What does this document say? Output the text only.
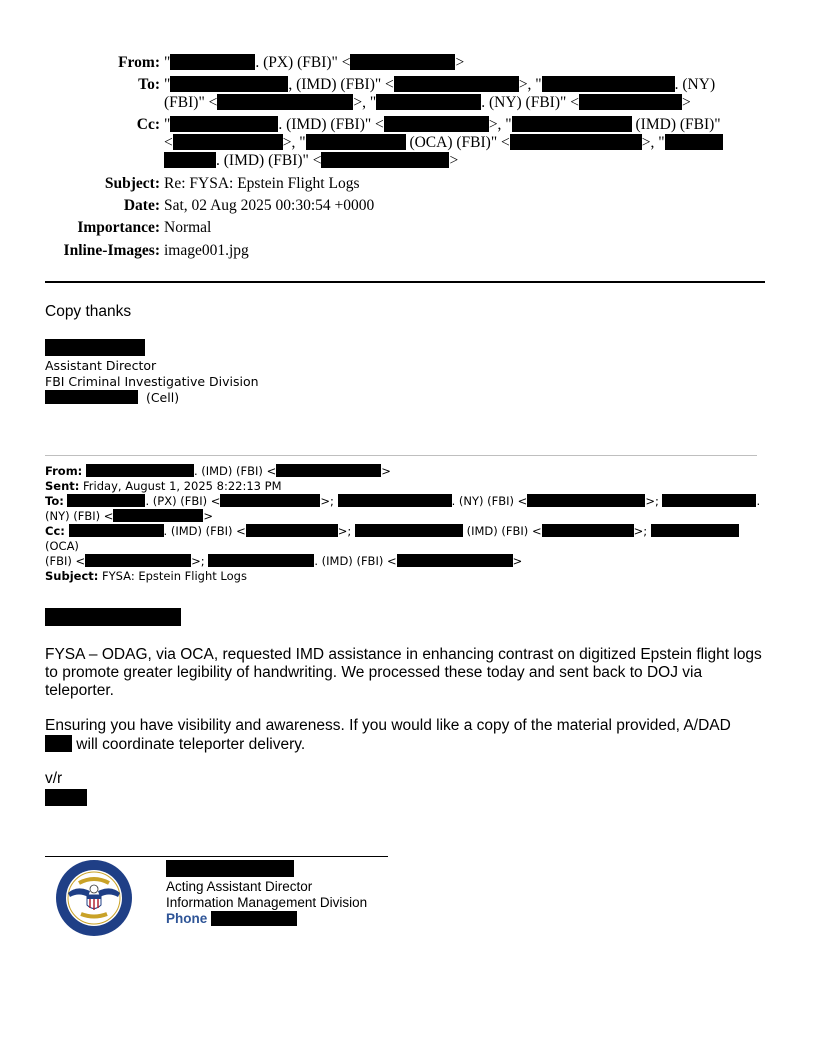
From: "	. (PX) (FBI)" <	>
To: "	, (IMD) (FBI)" <	>, "	. (NY)
(FBI)" <	>, "	. (NY) (FBI)" <	>
Cc: "	. (IMD) (FBI)" <	>, "	(IMD) (FBI)"
<	>, "	(OCA) (FBI)" <	>, "
. (IMD) (FBI)" <	>
Subject: Re: FYSA: Epstein Flight Logs
Date: Sat, 02 Aug 2025 00:30:54 +0000
Importance: Normal
Inline-Images: image001.jpg
Copy thanks
Assistant Director
FBI Criminal Investigative Division
(Cell)
From:	. (IMD) (FBI) <	>
Sent: Friday, August 1, 2025 8:22:13 PM
To:	. (PX) (FBI) <	>;	. (NY) (FBI) <	>;	.
(NY) (FBI) <	>
Cc:	. (IMD) (FBI) <	>;	(IMD) (FBI) <	>;  (OCA)
(FBI) <	>;	. (IMD) (FBI) <	>
Subject: FYSA: Epstein Flight Logs
FYSA – ODAG, via OCA, requested IMD assistance in enhancing contrast on digitized Epstein flight logs to promote greater legibility of handwriting. We processed these today and sent back to DOJ via teleporter.
Ensuring you have visibility and awareness. If you would like a copy of the material provided, A/DAD
will coordinate teleporter delivery.
v/r
Acting Assistant Director
Information Management Division
Phone
